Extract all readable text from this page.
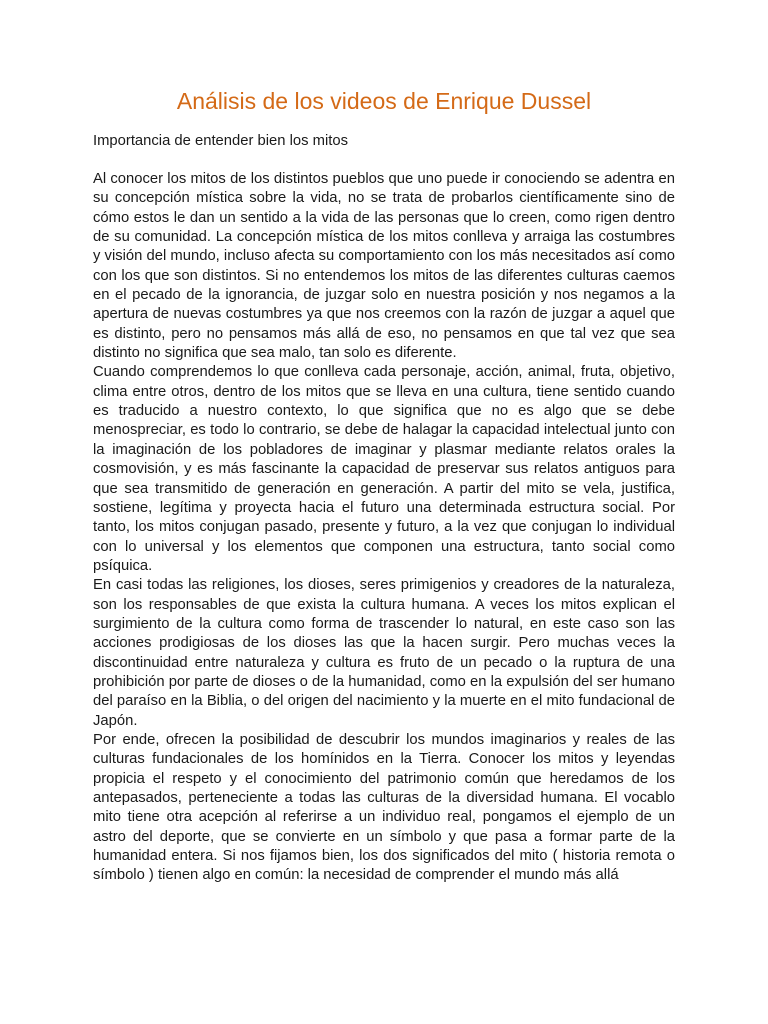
Análisis de los videos de Enrique Dussel

Importancia de entender bien los mitos

Al conocer los mitos de los distintos pueblos que uno puede ir conociendo se adentra en su concepción mística sobre la vida, no se trata de probarlos científicamente sino de cómo estos le dan un sentido a la vida de las personas que lo creen, como rigen dentro de su comunidad. La concepción mística de los mitos conlleva y arraiga las costumbres y visión del mundo, incluso afecta su comportamiento con los más necesitados así como con los que son distintos. Si no entendemos los mitos de las diferentes culturas caemos en el pecado de la ignorancia, de juzgar solo en nuestra posición y nos negamos a la apertura de nuevas costumbres ya que nos creemos con la razón de juzgar a aquel que es distinto, pero no pensamos más allá de eso, no pensamos en que tal vez que sea distinto no significa que sea malo, tan solo es diferente.

Cuando comprendemos lo que conlleva cada personaje, acción, animal, fruta, objetivo, clima entre otros, dentro de los mitos que se lleva en una cultura, tiene sentido cuando es traducido a nuestro contexto, lo que significa que no es algo que se debe menospreciar, es todo lo contrario, se debe de halagar la capacidad intelectual junto con la imaginación de los pobladores de imaginar y plasmar mediante relatos orales la cosmovisión, y es más fascinante la capacidad de preservar sus relatos antiguos para que sea transmitido de generación en generación. A partir del mito se vela, justifica, sostiene, legítima y proyecta hacia el futuro una determinada estructura social. Por tanto, los mitos conjugan pasado, presente y futuro, a la vez que conjugan lo individual con lo universal y los elementos que componen una estructura, tanto social como psíquica.

En casi todas las religiones, los dioses, seres primigenios y creadores de la naturaleza, son los responsables de que exista la cultura humana. A veces los mitos explican el surgimiento de la cultura como forma de trascender lo natural, en este caso son las acciones prodigiosas de los dioses las que la hacen surgir. Pero muchas veces la discontinuidad entre naturaleza y cultura es fruto de un pecado o la ruptura de una prohibición por parte de dioses o de la humanidad, como en la expulsión del ser humano del paraíso en la Biblia, o del origen del nacimiento y la muerte en el mito fundacional de Japón.

Por ende, ofrecen la posibilidad de descubrir los mundos imaginarios y reales de las culturas fundacionales de los homínidos en la Tierra. Conocer los mitos y leyendas propicia el respeto y el conocimiento del patrimonio común que heredamos de los antepasados, perteneciente a todas las culturas de la diversidad humana. El vocablo mito tiene otra acepción al referirse a un individuo real, pongamos el ejemplo de un astro del deporte, que se convierte en un símbolo y que pasa a formar parte de la humanidad entera. Si nos fijamos bien, los dos significados del mito ( historia remota o símbolo ) tienen algo en común: la necesidad de comprender el mundo más allá
